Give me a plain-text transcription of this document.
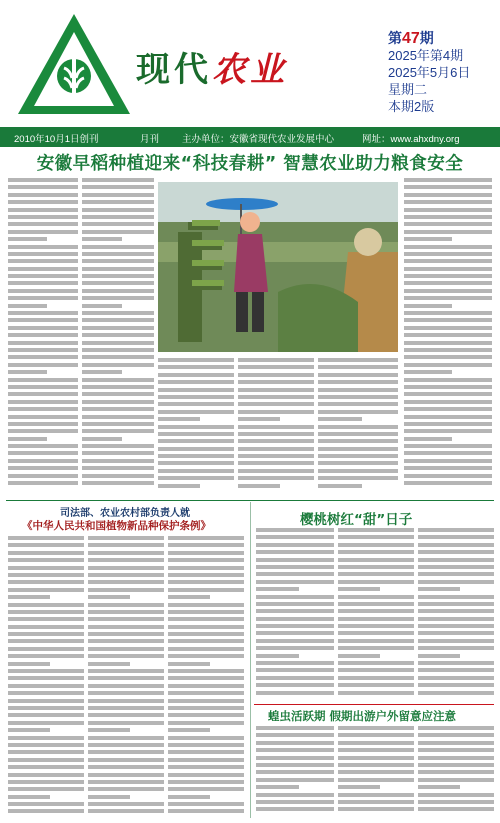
现代农业
第47期
2025年第4期
2025年5月6日
星期二
本期2版
2010年10月1日创刊	月刊 主办单位：安徽省现代农业发展中心	网址：www.ahxdny.org
安徽早稻种植迎来“科技春耕” 智慧农业助力粮食安全
司法部、农业农村部负责人就
《中华人民共和国植物新品种保护条例》	樱桃树红“甜”日子
蝗虫活跃期 假期出游户外留意应注意
